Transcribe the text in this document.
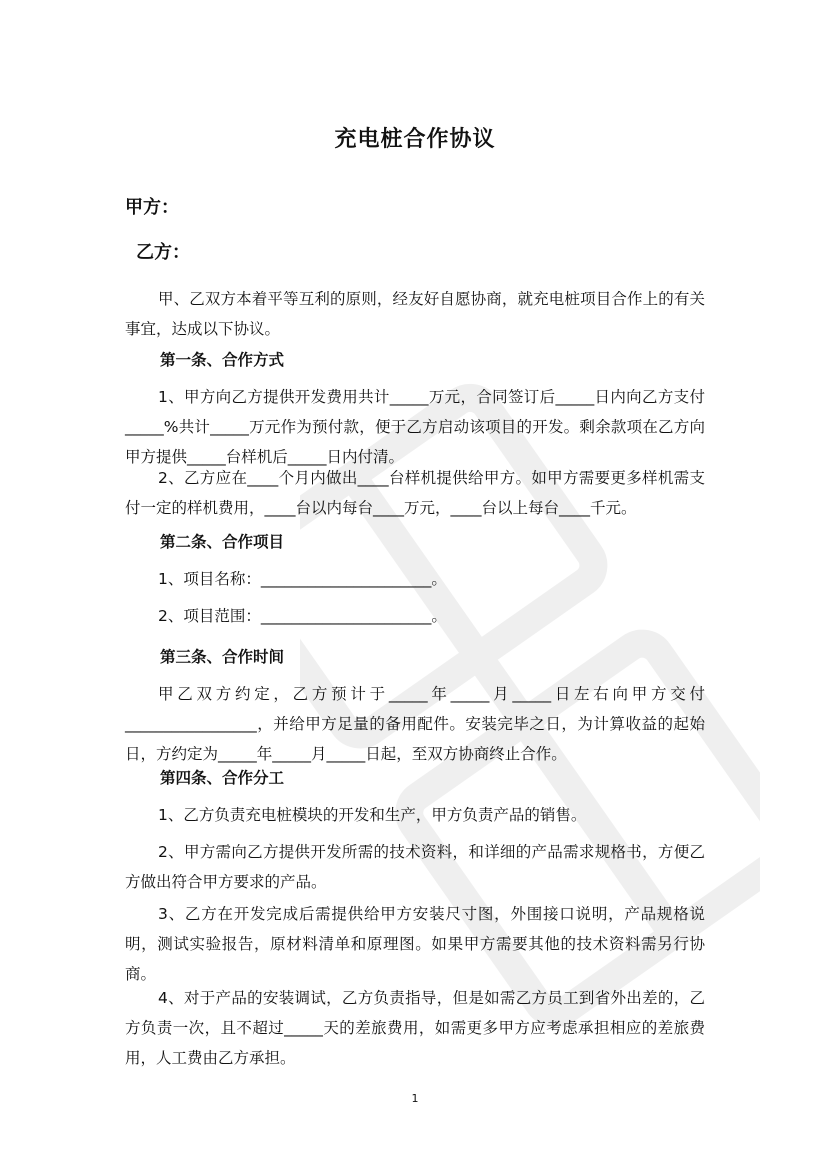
充电桩合作协议
甲方：
乙方：
甲、乙双方本着平等互利的原则，经友好自愿协商，就充电桩项目合作上的有关事宜，达成以下协议。
第一条、合作方式
1、甲方向乙方提供开发费用共计_____万元，合同签订后_____日内向乙方支付_____%共计_____万元作为预付款，便于乙方启动该项目的开发。剩余款项在乙方向甲方提供_____台样机后_____日内付清。
2、乙方应在____个月内做出____台样机提供给甲方。如甲方需要更多样机需支付一定的样机费用，____台以内每台____万元，____台以上每台____千元。
第二条、合作项目
1、项目名称：______________________。
2、项目范围：______________________。
第三条、合作时间
甲乙双方约定，乙方预计于_____年_____月_____日左右向甲方交付_________________，并给甲方足量的备用配件。安装完毕之日，为计算收益的起始日，方约定为_____年_____月_____日起，至双方协商终止合作。
第四条、合作分工
1、乙方负责充电桩模块的开发和生产，甲方负责产品的销售。
2、甲方需向乙方提供开发所需的技术资料，和详细的产品需求规格书，方便乙方做出符合甲方要求的产品。
3、乙方在开发完成后需提供给甲方安装尺寸图，外围接口说明，产品规格说明，测试实验报告，原材料清单和原理图。如果甲方需要其他的技术资料需另行协商。
4、对于产品的安装调试，乙方负责指导，但是如需乙方员工到省外出差的，乙方负责一次，且不超过_____天的差旅费用，如需更多甲方应考虑承担相应的差旅费用，人工费由乙方承担。
1
